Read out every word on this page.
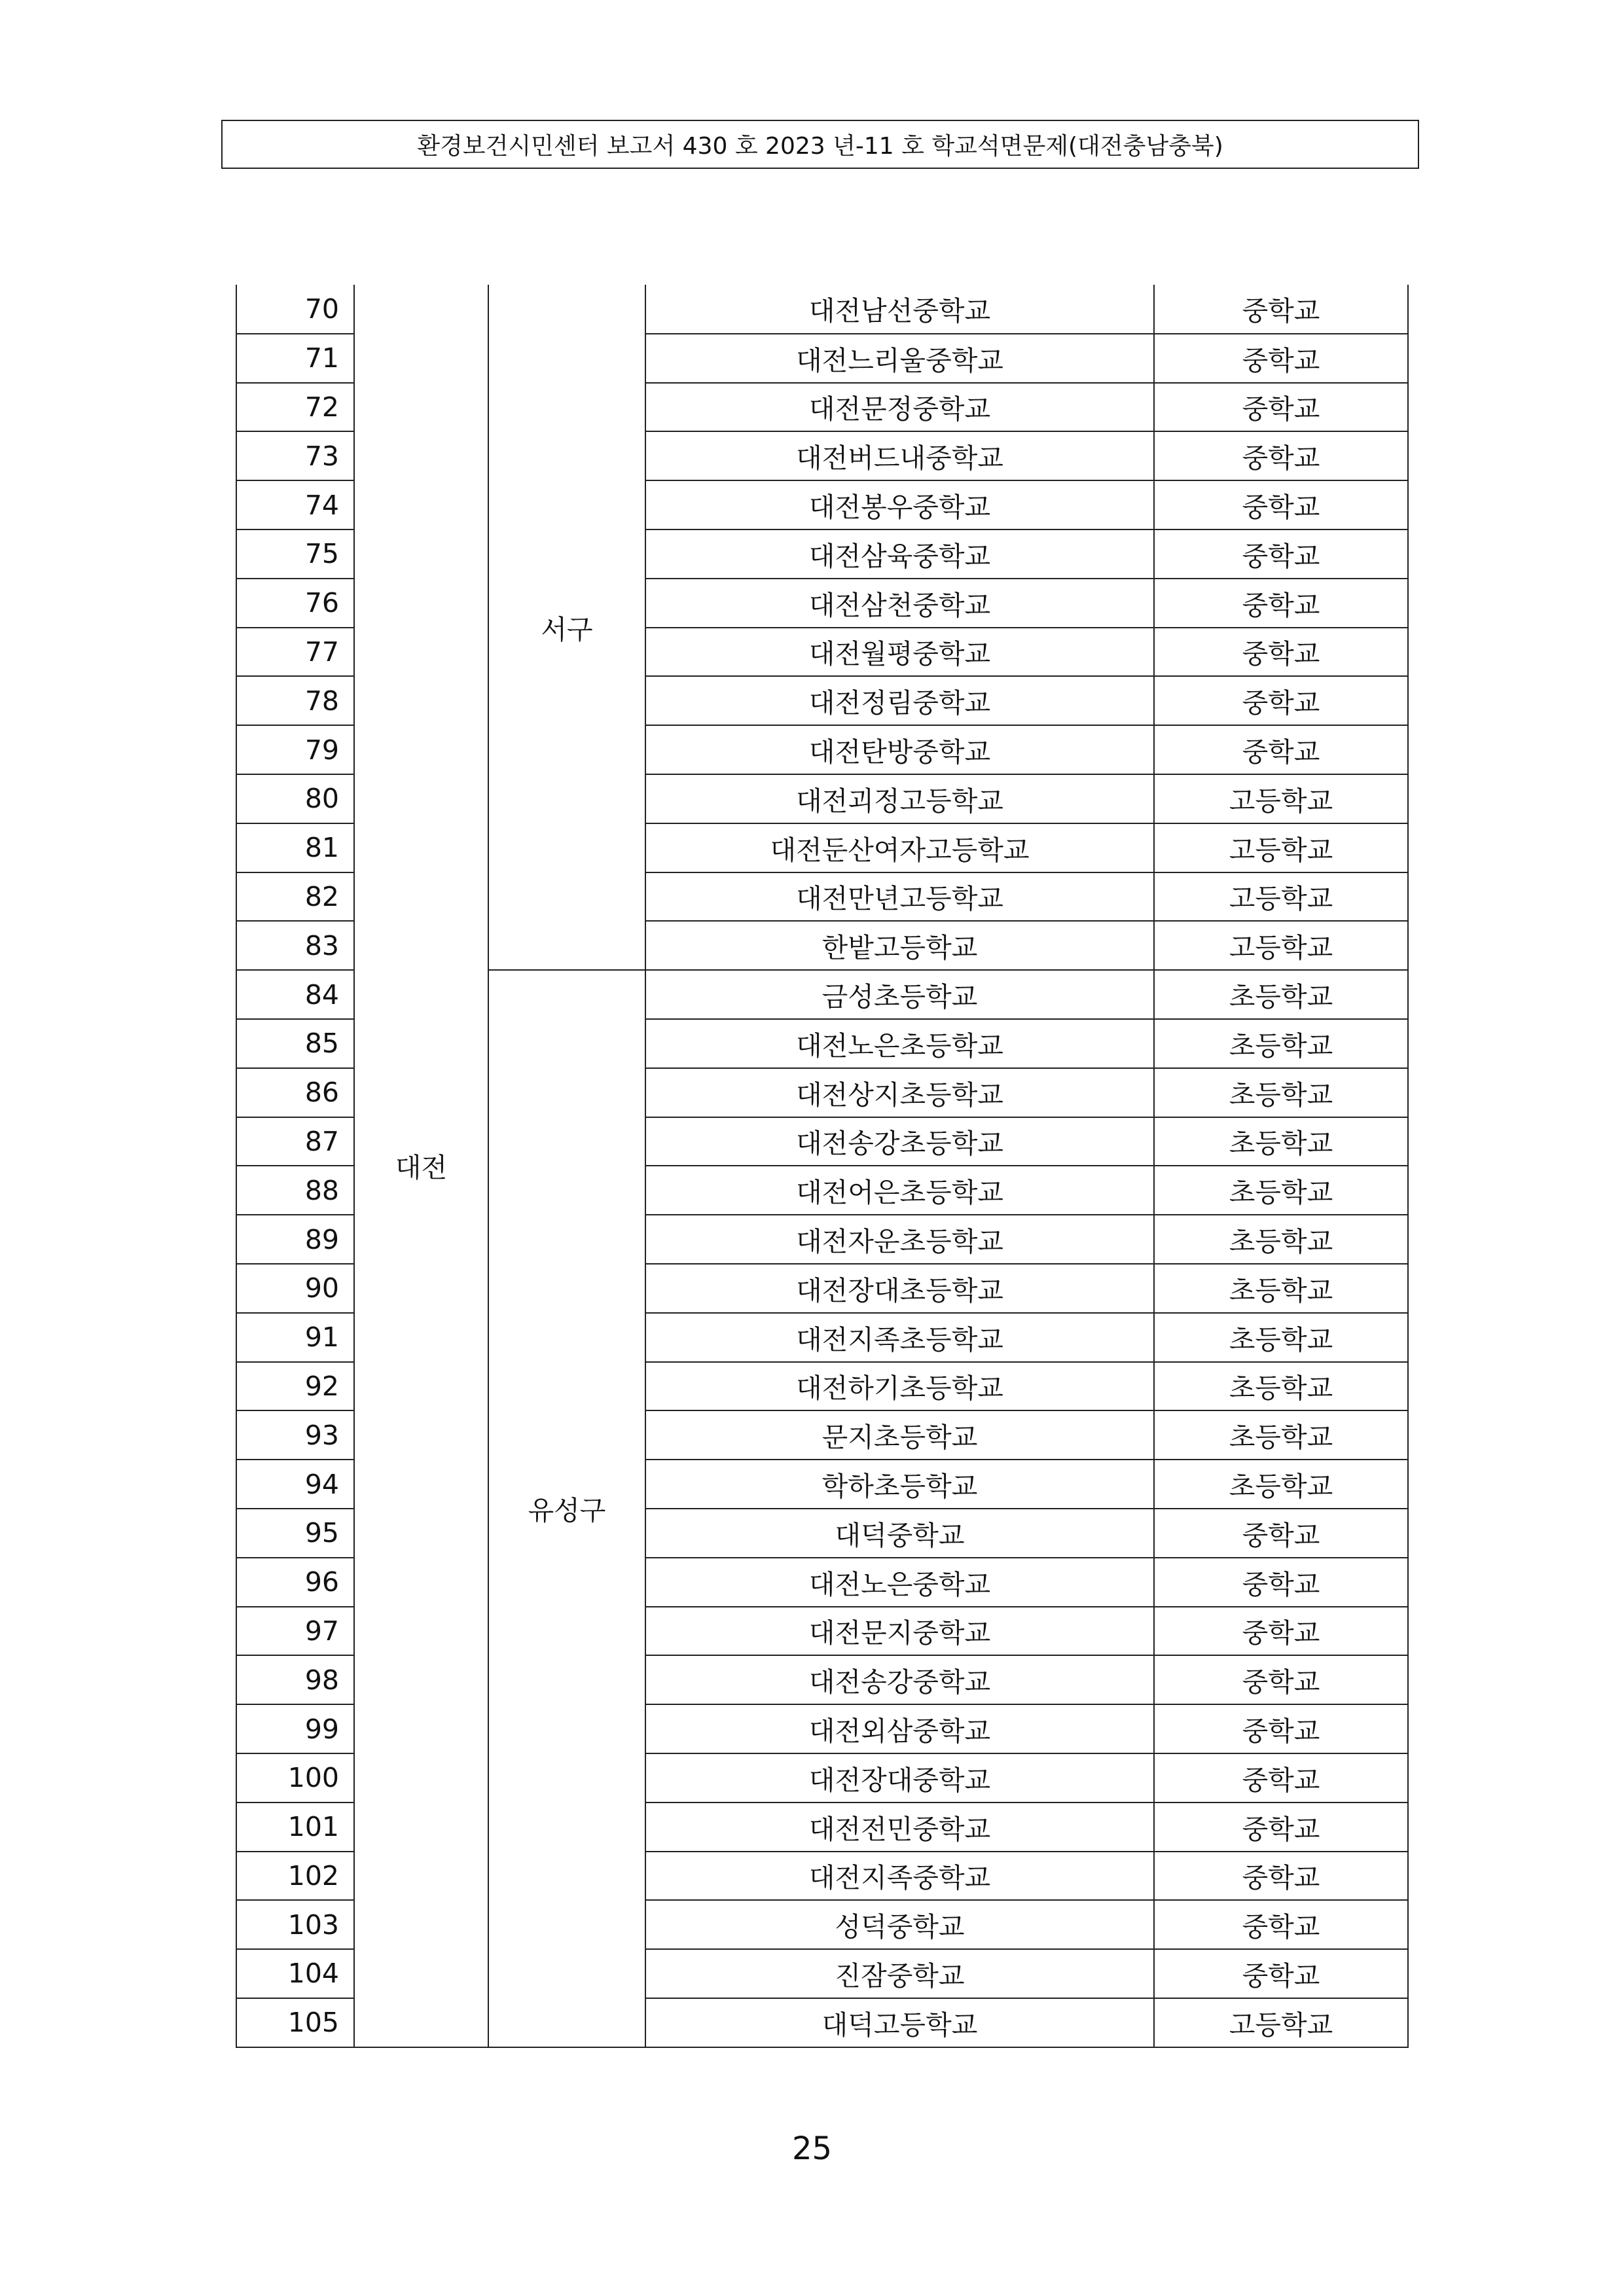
환경보건시민센터 보고서 430 호 2023 년-11 호 학교석면문제(대전충남충북)
70	대전	서구	대전남선중학교	중학교
71			대전느리울중학교	중학교
72			대전문정중학교	중학교
73			대전버드내중학교	중학교
74			대전봉우중학교	중학교
75			대전삼육중학교	중학교
76			대전삼천중학교	중학교
77			대전월평중학교	중학교
78			대전정림중학교	중학교
79			대전탄방중학교	중학교
80			대전괴정고등학교	고등학교
81			대전둔산여자고등학교	고등학교
82			대전만년고등학교	고등학교
83			한밭고등학교	고등학교
84		유성구	금성초등학교	초등학교
85			대전노은초등학교	초등학교
86			대전상지초등학교	초등학교
87			대전송강초등학교	초등학교
88			대전어은초등학교	초등학교
89			대전자운초등학교	초등학교
90			대전장대초등학교	초등학교
91			대전지족초등학교	초등학교
92			대전하기초등학교	초등학교
93			문지초등학교	초등학교
94			학하초등학교	초등학교
95			대덕중학교	중학교
96			대전노은중학교	중학교
97			대전문지중학교	중학교
98			대전송강중학교	중학교
99			대전외삼중학교	중학교
100			대전장대중학교	중학교
101			대전전민중학교	중학교
102			대전지족중학교	중학교
103			성덕중학교	중학교
104			진잠중학교	중학교
105			대덕고등학교	고등학교
25
